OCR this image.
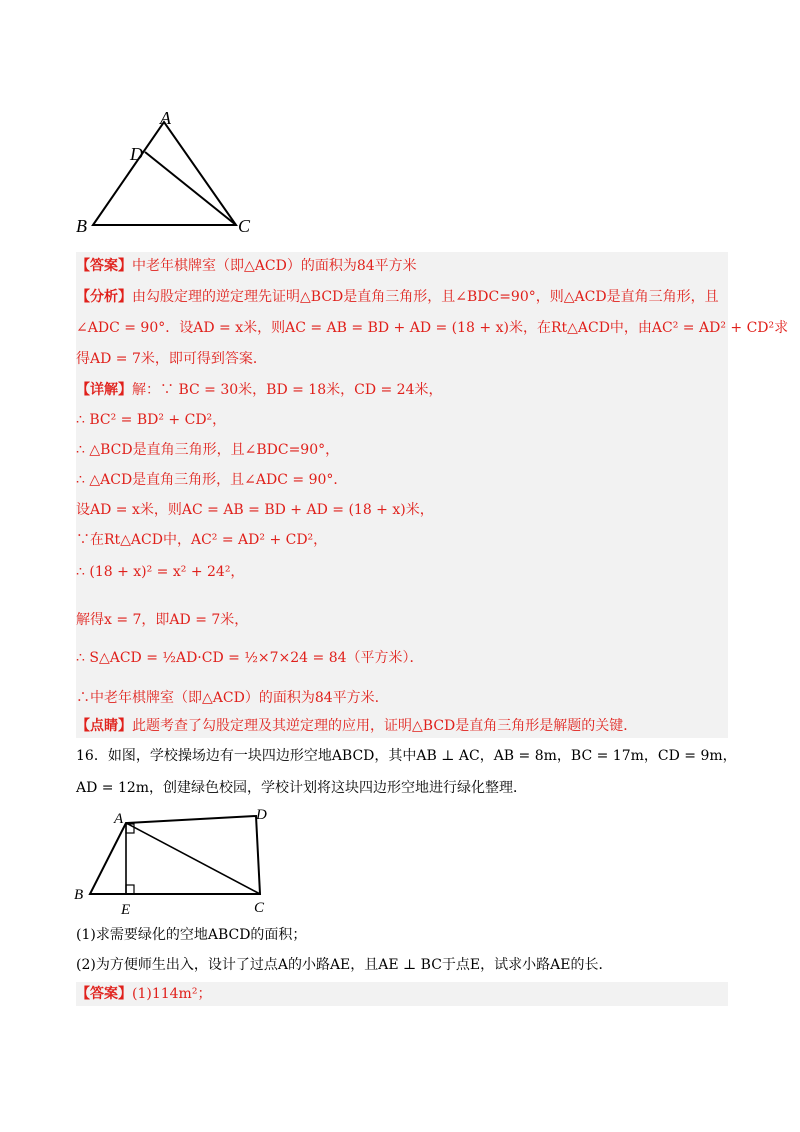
A
D
B	C
【答案】中老年棋牌室（即△ACD）的面积为84平方米
【分析】由勾股定理的逆定理先证明△BCD是直角三角形，且∠BDC=90°，则△ACD是直角三角形，且
∠ADC = 90°．设AD = x米，则AC = AB = BD + AD = (18 + x)米，在Rt△ACD中，由AC² = AD² + CD²求
得AD = 7米，即可得到答案．
【详解】解：∵ BC = 30米，BD = 18米，CD = 24米，
∴ BC² = BD² + CD²，
∴ △BCD是直角三角形，且∠BDC=90°，
∴ △ACD是直角三角形，且∠ADC = 90°．
设AD = x米，则AC = AB = BD + AD = (18 + x)米，
∵在Rt△ACD中，AC² = AD² + CD²，
∴ (18 + x)² = x² + 24²，
解得x = 7，即AD = 7米，
∴ S△ACD = ½AD·CD = ½×7×24 = 84（平方米）．
∴中老年棋牌室（即△ACD）的面积为84平方米.
【点睛】此题考查了勾股定理及其逆定理的应用，证明△BCD是直角三角形是解题的关键．
16．如图，学校操场边有一块四边形空地ABCD，其中AB ⊥ AC，AB = 8m，BC = 17m，CD = 9m，
AD = 12m，创建绿色校园，学校计划将这块四边形空地进行绿化整理．
A	D
B
C
E
(1)求需要绿化的空地ABCD的面积；
(2)为方便师生出入，设计了过点A的小路AE，且AE ⊥ BC于点E，试求小路AE的长．
【答案】(1)114m²；
